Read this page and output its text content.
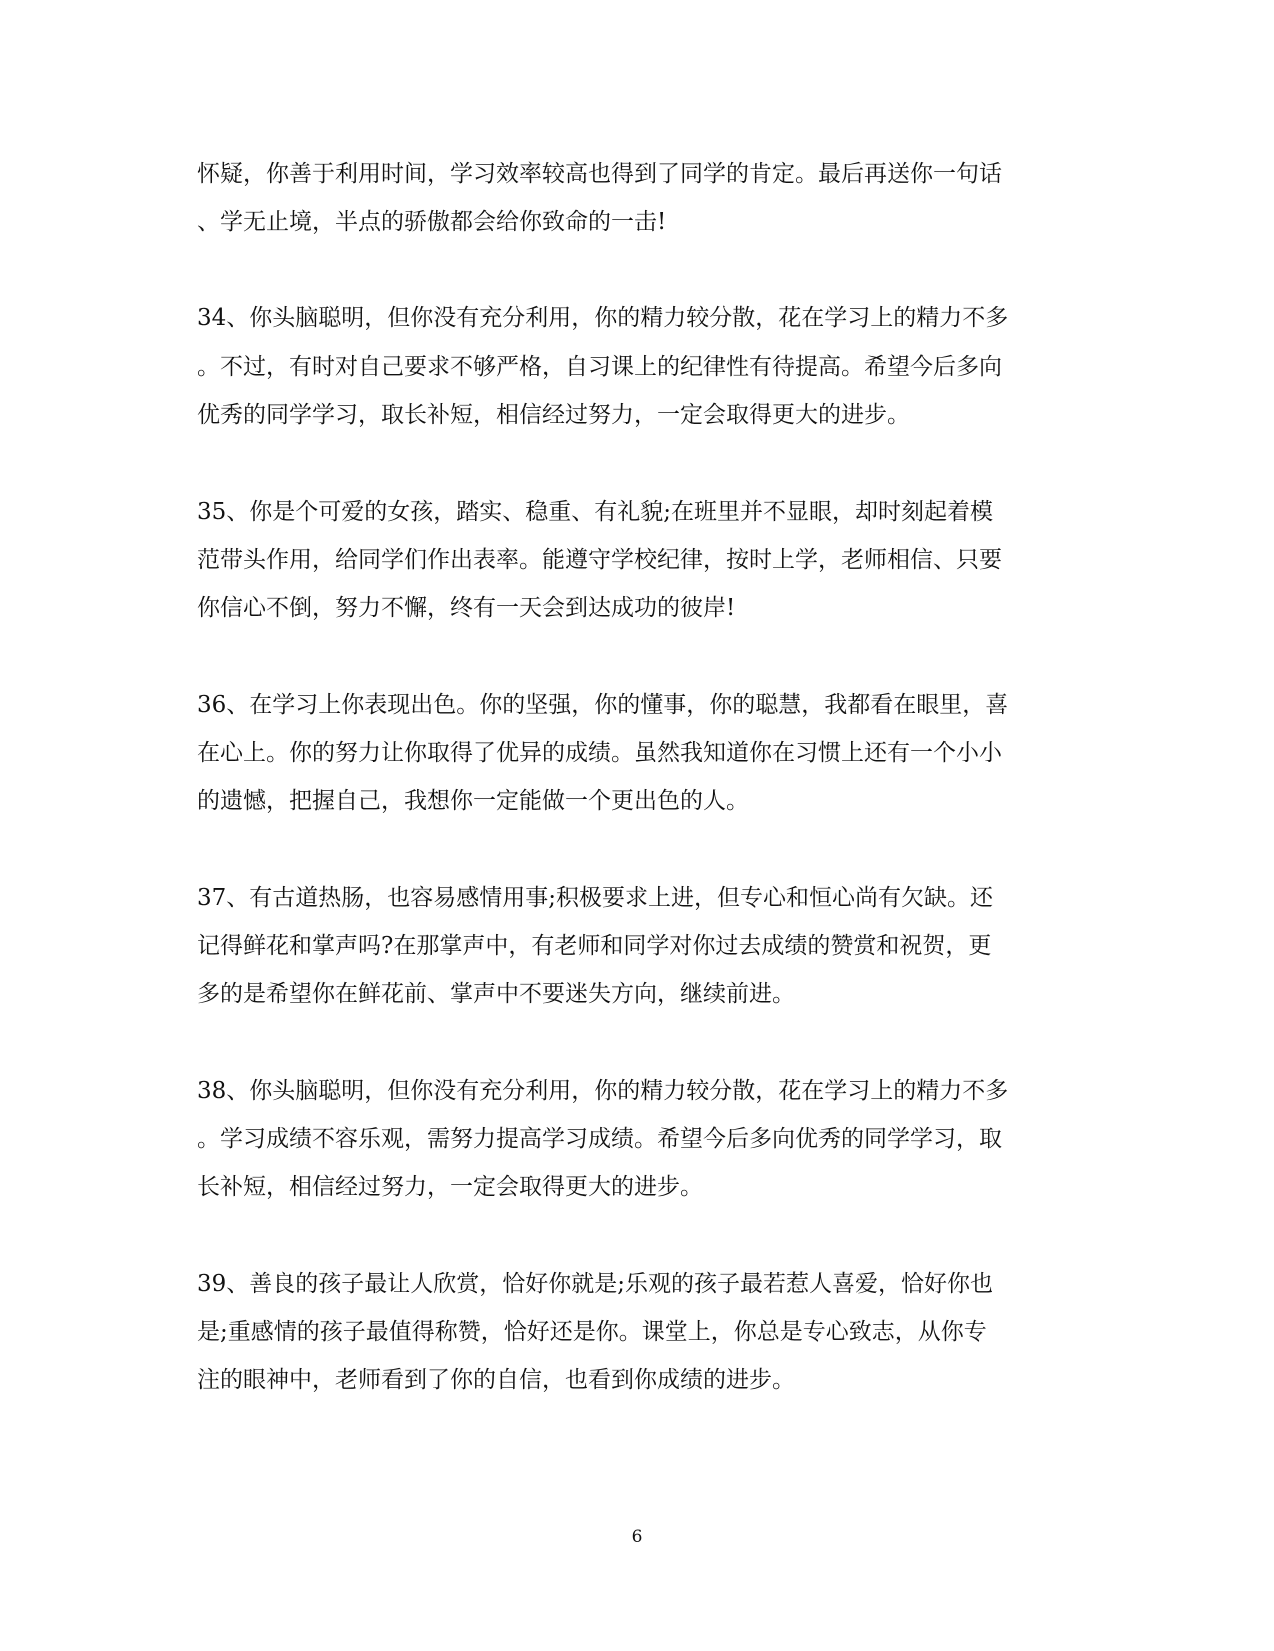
怀疑，你善于利用时间，学习效率较高也得到了同学的肯定。最后再送你一句话
、学无止境，半点的骄傲都会给你致命的一击!
34、你头脑聪明，但你没有充分利用，你的精力较分散，花在学习上的精力不多
。不过，有时对自己要求不够严格，自习课上的纪律性有待提高。希望今后多向
优秀的同学学习，取长补短，相信经过努力，一定会取得更大的进步。
35、你是个可爱的女孩，踏实、稳重、有礼貌;在班里并不显眼，却时刻起着模
范带头作用，给同学们作出表率。能遵守学校纪律，按时上学，老师相信、只要
你信心不倒，努力不懈，终有一天会到达成功的彼岸!
36、在学习上你表现出色。你的坚强，你的懂事，你的聪慧，我都看在眼里，喜
在心上。你的努力让你取得了优异的成绩。虽然我知道你在习惯上还有一个小小
的遗憾，把握自己，我想你一定能做一个更出色的人。
37、有古道热肠，也容易感情用事;积极要求上进，但专心和恒心尚有欠缺。还
记得鲜花和掌声吗?在那掌声中，有老师和同学对你过去成绩的赞赏和祝贺，更
多的是希望你在鲜花前、掌声中不要迷失方向，继续前进。
38、你头脑聪明，但你没有充分利用，你的精力较分散，花在学习上的精力不多
。学习成绩不容乐观，需努力提高学习成绩。希望今后多向优秀的同学学习，取
长补短，相信经过努力，一定会取得更大的进步。
39、善良的孩子最让人欣赏，恰好你就是;乐观的孩子最若惹人喜爱，恰好你也
是;重感情的孩子最值得称赞，恰好还是你。课堂上，你总是专心致志，从你专
注的眼神中，老师看到了你的自信，也看到你成绩的进步。
6
